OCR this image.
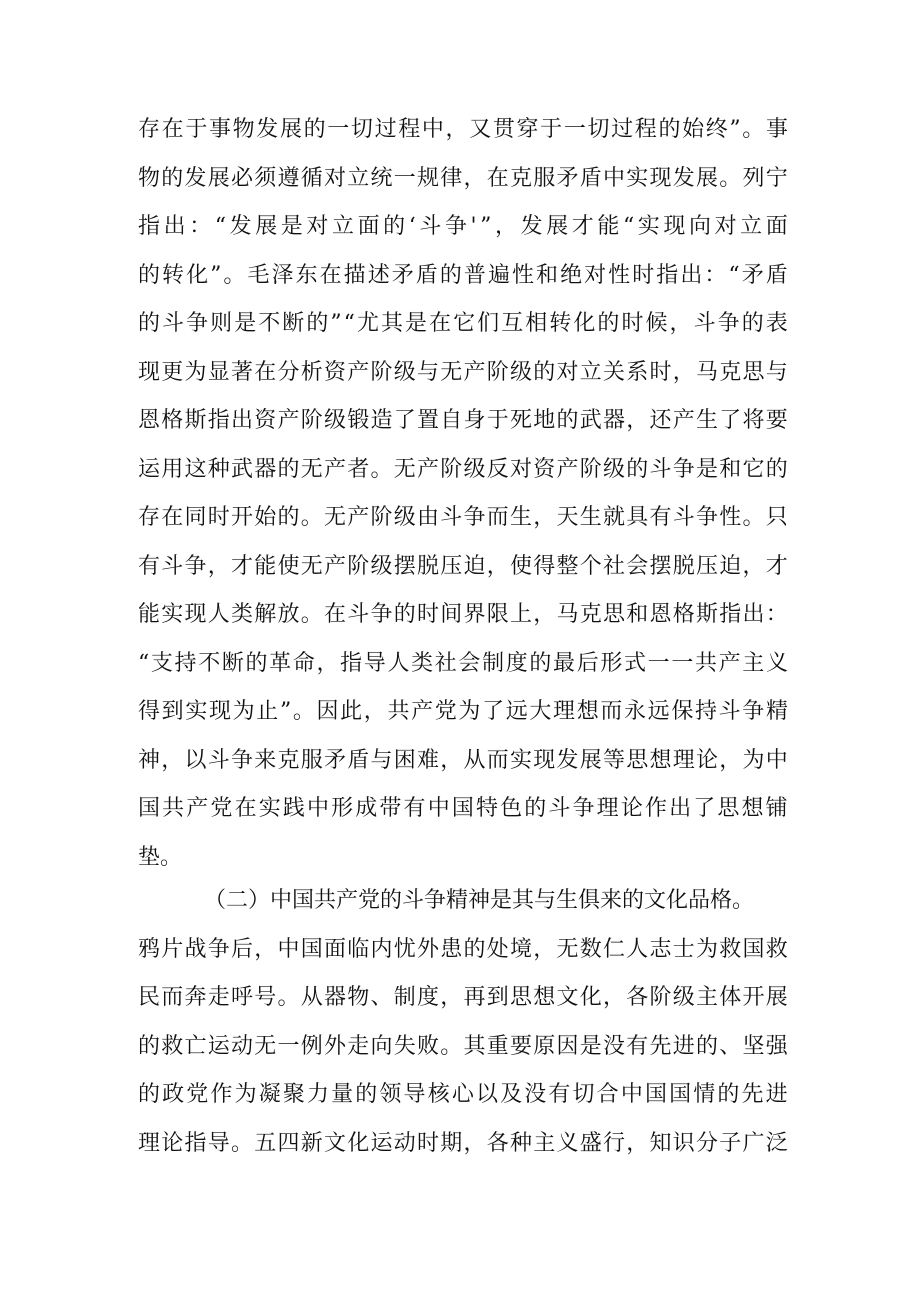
存 在 于 事 物 发 展 的 一 切 过 程 中 ， 又 贯 穿 于 一 切 过 程 的 始 终 ” 。 事
物 的 发 展 必 须 遵 循 对 立 统 一 规 律 ， 在 克 服 矛 盾 中 实 现 发 展 。 列 宁
指 出 ： “ 发 展 是 对 立 面 的 ‘ 斗 争 ' ” ， 发 展 才 能 “ 实 现 向 对 立 面
的 转 化 ” 。 毛 泽 东 在 描 述 矛 盾 的 普 遍 性 和 绝 对 性 时 指 出 ： “ 矛 盾
的 斗 争 则 是 不 断 的 ” “ 尤 其 是 在 它 们 互 相 转 化 的 时 候 ， 斗 争 的 表
现 更 为 显 著 在 分 析 资 产 阶 级 与 无 产 阶 级 的 对 立 关 系 时 ， 马 克 思 与
恩 格 斯 指 出 资 产 阶 级 锻 造 了 置 自 身 于 死 地 的 武 器 ， 还 产 生 了 将 要
运 用 这 种 武 器 的 无 产 者 。 无 产 阶 级 反 对 资 产 阶 级 的 斗 争 是 和 它 的
存 在 同 时 开 始 的 。 无 产 阶 级 由 斗 争 而 生 ， 天 生 就 具 有 斗 争 性 。 只
有 斗 争 ， 才 能 使 无 产 阶 级 摆 脱 压 迫 ， 使 得 整 个 社 会 摆 脱 压 迫 ， 才
能 实 现 人 类 解 放 。 在 斗 争 的 时 间 界 限 上 ， 马 克 思 和 恩 格 斯 指 出 ：
“ 支 持 不 断 的 革 命 ， 指 导 人 类 社 会 制 度 的 最 后 形 式 一 一 共 产 主 义
得 到 实 现 为 止 ” 。 因 此 ， 共 产 党 为 了 远 大 理 想 而 永 远 保 持 斗 争 精
神 ， 以 斗 争 来 克 服 矛 盾 与 困 难 ， 从 而 实 现 发 展 等 思 想 理 论 ， 为 中
国 共 产 党 在 实 践 中 形 成 带 有 中 国 特 色 的 斗 争 理 论 作 出 了 思 想 铺
垫。
（二）中国共产党的斗争精神是其与生俱来的文化品格。
鸦 片 战 争 后 ， 中 国 面 临 内 忧 外 患 的 处 境 ， 无 数 仁 人 志 士 为 救 国 救
民 而 奔 走 呼 号 。 从 器 物 、 制 度 ， 再 到 思 想 文 化 ， 各 阶 级 主 体 开 展
的 救 亡 运 动 无 一 例 外 走 向 失 败 。 其 重 要 原 因 是 没 有 先 进 的 、 坚 强
的 政 党 作 为 凝 聚 力 量 的 领 导 核 心 以 及 没 有 切 合 中 国 国 情 的 先 进
理 论 指 导 。 五 四 新 文 化 运 动 时 期 ， 各 种 主 义 盛 行 ， 知 识 分 子 广 泛
